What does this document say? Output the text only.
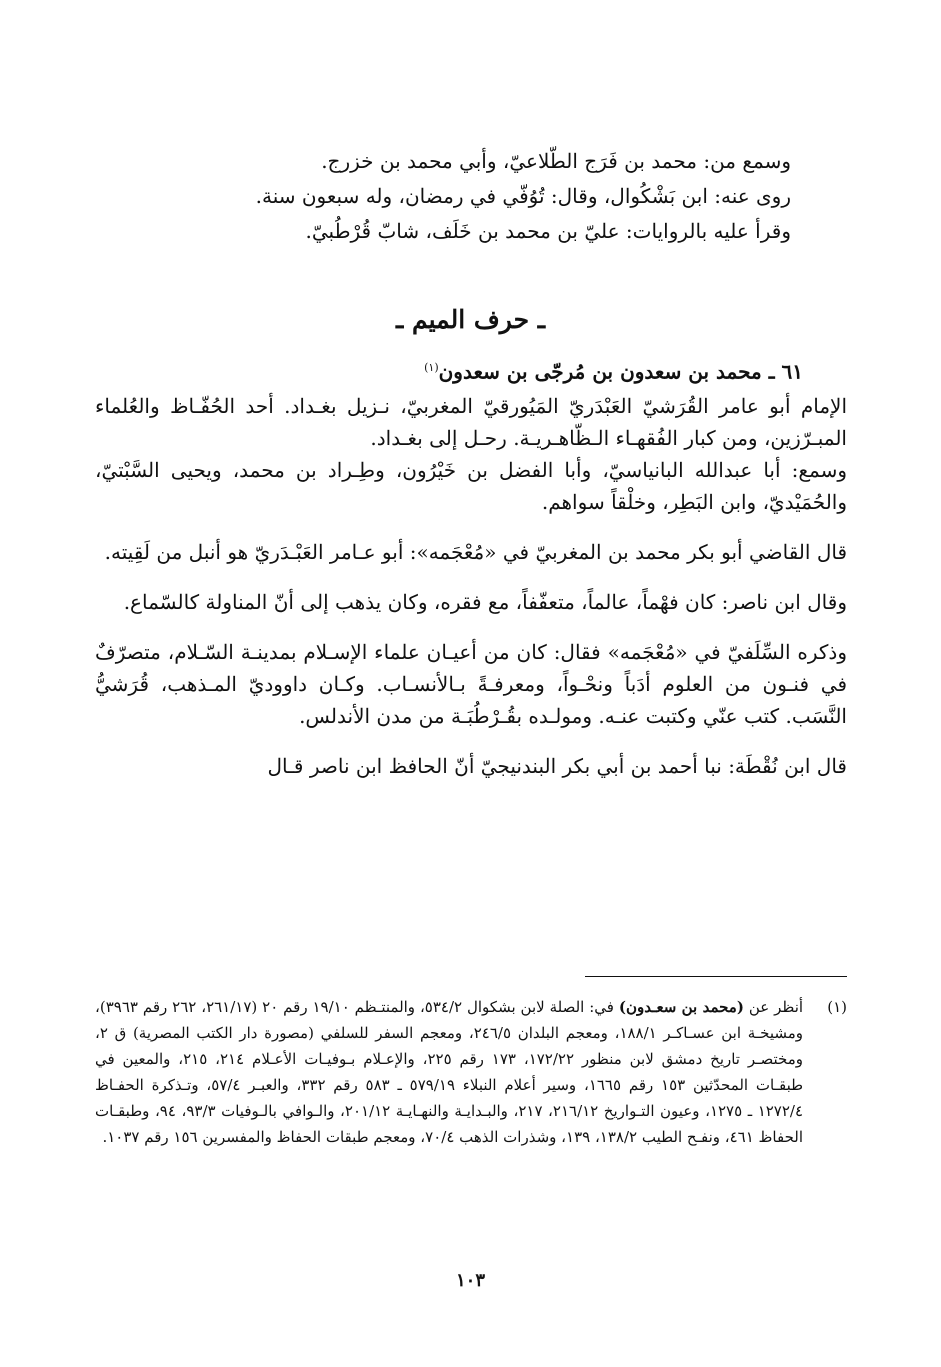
وسمع من: محمد بن فَرَج الطّلاعيّ، وأبي محمد بن خزرج.

روى عنه: ابن بَشْكُوال، وقال: تُوُفّي في رمضان، وله سبعون سنة.

وقرأ عليه بالروايات: عليّ بن محمد بن خَلَف، شابّ قُرْطُبيّ.

ـ حرف الميم ـ

٦١ ـ محمد بن سعدون بن مُرجّى بن سعدون$^{(١)}$

الإمام أبو عامر القُرَشيّ العَبْدَريّ المَيُورقيّ المغربيّ، نـزيل بغـداد. أحد الحُفّـاظ والعُلماء المبـرّزين، ومن كبار الفُقهـاء الـظّاهـريـة. رحـل إلى بغـداد.

وسمع: أبا عبدالله البانياسيّ، وأبا الفضل بن خَيْرُون، وطِـراد بن محمد، ويحيى السَّبْتيّ، والحُمَيْديّ، وابن البَطِر، وخلْقاً سواهم.

قال القاضي أبو بكر محمد بن المغربيّ في «مُعْجَمه»: أبو عـامر العَبْـدَريّ هو أنبل من لَقِيته.

وقال ابن ناصر: كان فهْماً، عالماً، متعفّفاً، مع فقره، وكان يذهب إلى أنّ المناولة كالسّماع.

وذكره السِّلَفيّ في «مُعْجَمه» فقال: كان من أعيـان علماء الإسـلام بمدينـة السّـلام، متصرّفٌ في فنـون من العلوم أدَباً ونحْـواً، ومعرفـةً بـالأنسـاب. وكـان داووديّ المـذهب، قُرَشيُّ النَّسَب. كتب عنّي وكتبت عنـه. ومولـده بقُـرْطُبَـة من مدن الأندلس.

قال ابن نُقْطَة: نبا أحمد بن أبي بكر البندنيجيّ أنّ الحافظ ابن ناصر قـال

(١)
أنظر عن (محمد بن سعـدون) في: الصلة لابن بشكوال ٥٣٤/٢، والمنتـظم ١٩/١٠ رقم ٢٠ (٢٦١/١٧، ٢٦٢ رقم ٣٩٦٣)، ومشيخـة ابن عسـاكـر ١٨٨/١، ومعجم البلدان ٢٤٦/٥، ومعجم السفر للسلفي (مصورة دار الكتب المصرية) ق ٢، ومختصـر تاريخ دمشق لابن منظور ١٧٢/٢٢، ١٧٣ رقم ٢٢٥، والإعـلام بـوفيـات الأعـلام ٢١٤، ٢١٥، والمعين في طبقـات المحدّثين ١٥٣ رقم ١٦٦٥، وسير أعلام النبلاء ٥٧٩/١٩ ـ ٥٨٣ رقم ٣٣٢، والعبـر ٥٧/٤، وتـذكرة الحفـاظ ١٢٧٢/٤ ـ ١٢٧٥، وعيون التـواريخ ٢١٦/١٢، ٢١٧، والبـدايـة والنهـايـة ٢٠١/١٢، والـوافي بالـوفيات ٩٣/٣، ٩٤، وطبقـات الحفاظ ٤٦١، ونفـح الطيب ١٣٨/٢، ١٣٩، وشذرات الذهب ٧٠/٤، ومعجم طبقات الحفاظ والمفسرين ١٥٦ رقم ١٠٣٧.
١٠٣
